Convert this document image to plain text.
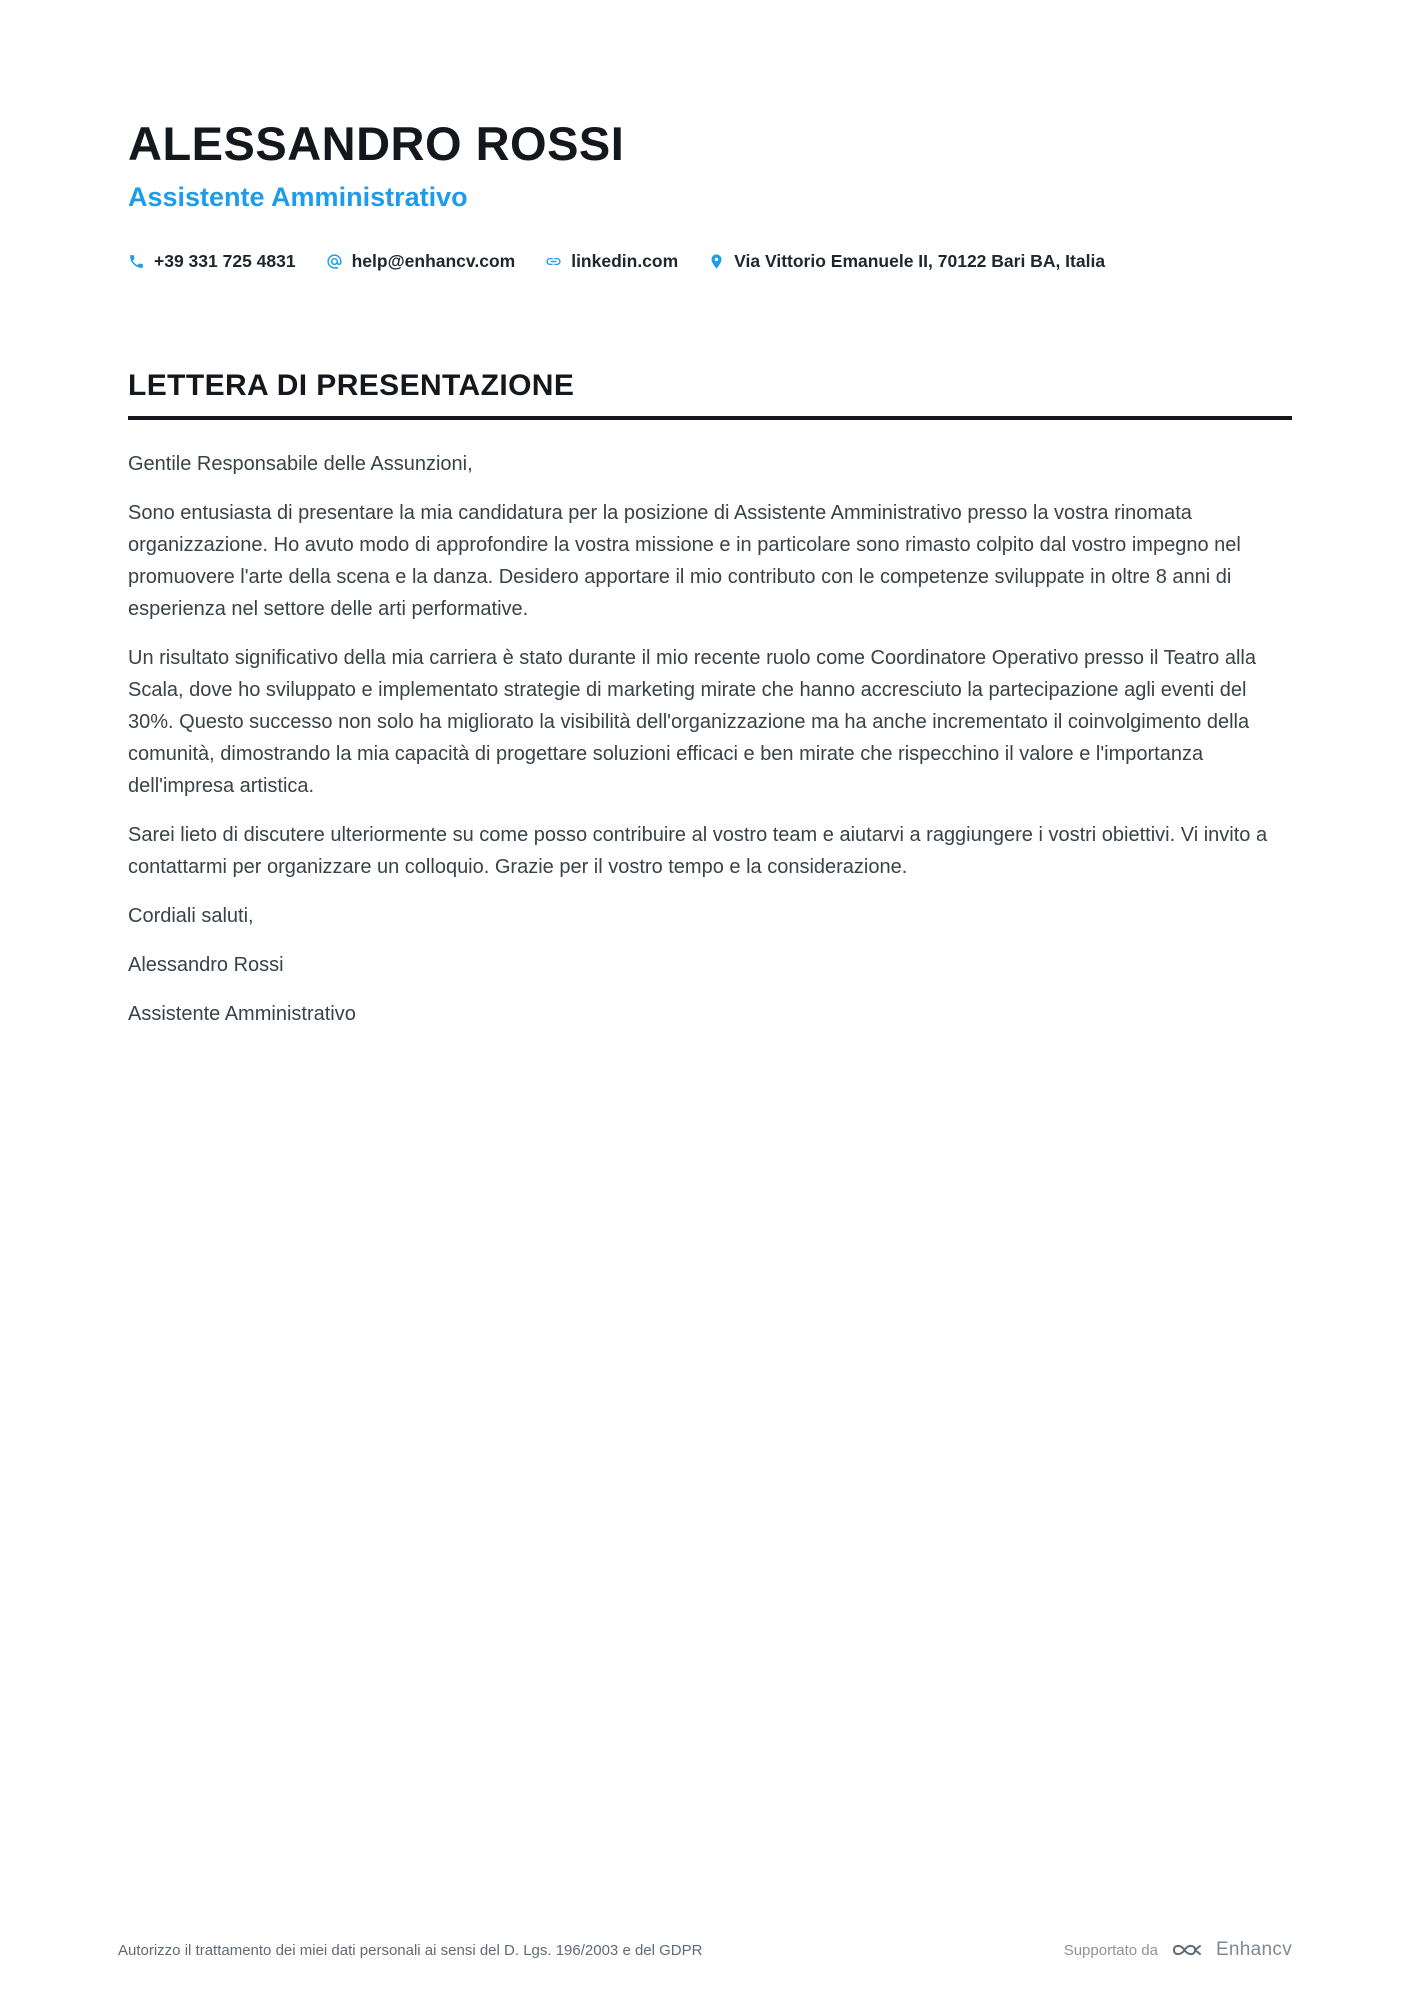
ALESSANDRO ROSSI
Assistente Amministrativo
+39 331 725 4831	help@enhancv.com	linkedin.com	Via Vittorio Emanuele II, 70122 Bari BA, Italia
LETTERA DI PRESENTAZIONE

Gentile Responsabile delle Assunzioni,

Sono entusiasta di presentare la mia candidatura per la posizione di Assistente Amministrativo presso la vostra rinomata organizzazione. Ho avuto modo di approfondire la vostra missione e in particolare sono rimasto colpito dal vostro impegno nel promuovere l'arte della scena e la danza. Desidero apportare il mio contributo con le competenze sviluppate in oltre 8 anni di esperienza nel settore delle arti performative.

Un risultato significativo della mia carriera è stato durante il mio recente ruolo come Coordinatore Operativo presso il Teatro alla Scala, dove ho sviluppato e implementato strategie di marketing mirate che hanno accresciuto la partecipazione agli eventi del 30%. Questo successo non solo ha migliorato la visibilità dell'organizzazione ma ha anche incrementato il coinvolgimento della comunità, dimostrando la mia capacità di progettare soluzioni efficaci e ben mirate che rispecchino il valore e l'importanza dell'impresa artistica.

Sarei lieto di discutere ulteriormente su come posso contribuire al vostro team e aiutarvi a raggiungere i vostri obiettivi. Vi invito a contattarmi per organizzare un colloquio. Grazie per il vostro tempo e la considerazione.

Cordiali saluti,

Alessandro Rossi

Assistente Amministrativo

Autorizzo il trattamento dei miei dati personali ai sensi del D. Lgs. 196/2003 e del GDPR	Supportato da	Enhancv
